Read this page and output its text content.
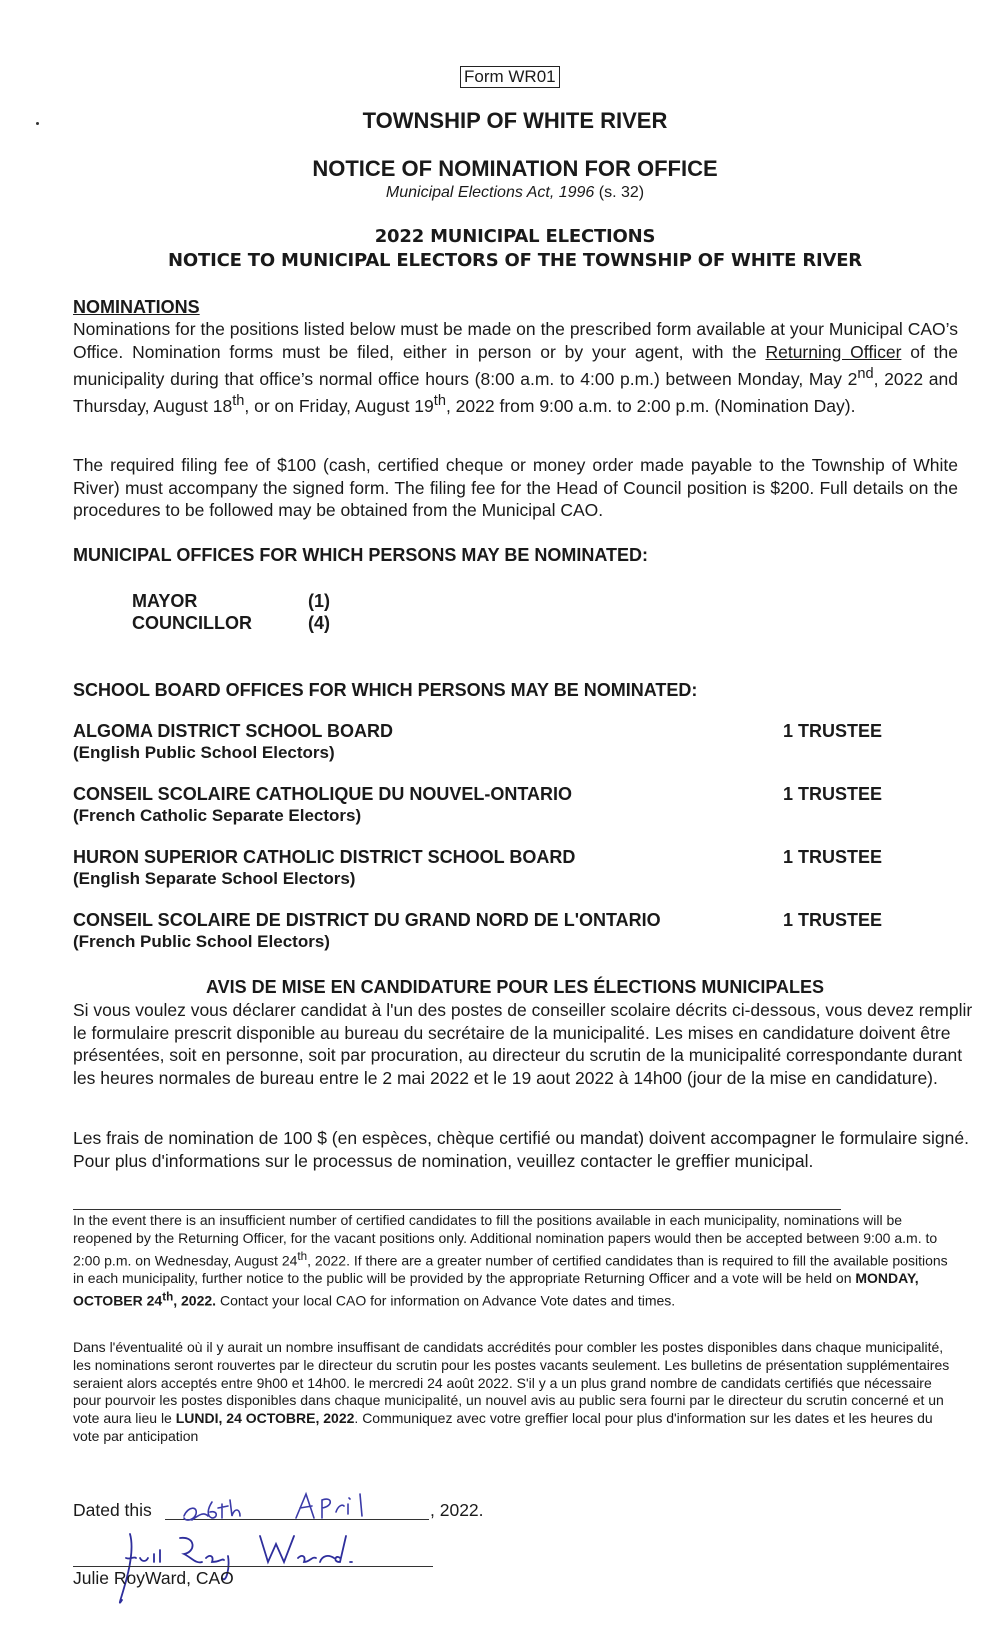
Form WR01
TOWNSHIP OF WHITE RIVER
NOTICE OF NOMINATION FOR OFFICE
Municipal Elections Act, 1996 (s. 32)
2022 MUNICIPAL ELECTIONS
NOTICE TO MUNICIPAL ELECTORS OF THE TOWNSHIP OF WHITE RIVER
NOMINATIONS

Nominations for the positions listed below must be made on the prescribed form available at your Municipal CAO’s Office. Nomination forms must be filed, either in person or by your agent, with the Returning Officer of the municipality during that office’s normal office hours (8:00 a.m. to 4:00 p.m.) between Monday, May 2nd, 2022 and Thursday, August 18th, or on Friday, August 19th, 2022 from 9:00 a.m. to 2:00 p.m. (Nomination Day).

The required filing fee of $100 (cash, certified cheque or money order made payable to the Township of White River) must accompany the signed form. The filing fee for the Head of Council position is $200. Full details on the procedures to be followed may be obtained from the Municipal CAO.

MUNICIPAL OFFICES FOR WHICH PERSONS MAY BE NOMINATED:
MAYOR	(1)
COUNCILLOR	(4)
SCHOOL BOARD OFFICES FOR WHICH PERSONS MAY BE NOMINATED:
ALGOMA DISTRICT SCHOOL BOARD	1 TRUSTEE
(English Public School Electors)
CONSEIL SCOLAIRE CATHOLIQUE DU NOUVEL-ONTARIO	1 TRUSTEE
(French Catholic Separate Electors)
HURON SUPERIOR CATHOLIC DISTRICT SCHOOL BOARD	1 TRUSTEE
(English Separate School Electors)
CONSEIL SCOLAIRE DE DISTRICT DU GRAND NORD DE L'ONTARIO	1 TRUSTEE
(French Public School Electors)
AVIS DE MISE EN CANDIDATURE POUR LES ÉLECTIONS MUNICIPALES

Si vous voulez vous déclarer candidat à l'un des postes de conseiller scolaire décrits ci-dessous, vous devez remplir le formulaire prescrit disponible au bureau du secrétaire de la municipalité. Les mises en candidature doivent être présentées, soit en personne, soit par procuration, au directeur du scrutin de la municipalité correspondante durant les heures normales de bureau entre le 2 mai 2022 et le 19 aout 2022 à 14h00 (jour de la mise en candidature).

Les frais de nomination de 100 $ (en espèces, chèque certifié ou mandat) doivent accompagner le formulaire signé. Pour plus d'informations sur le processus de nomination, veuillez contacter le greffier municipal.

In the event there is an insufficient number of certified candidates to fill the positions available in each municipality, nominations will be reopened by the Returning Officer, for the vacant positions only. Additional nomination papers would then be accepted between 9:00 a.m. to 2:00 p.m. on Wednesday, August 24th, 2022. If there are a greater number of certified candidates than is required to fill the available positions in each municipality, further notice to the public will be provided by the appropriate Returning Officer and a vote will be held on MONDAY, OCTOBER 24th, 2022. Contact your local CAO for information on Advance Vote dates and times.

Dans l'éventualité où il y aurait un nombre insuffisant de candidats accrédités pour combler les postes disponibles dans chaque municipalité, les nominations seront rouvertes par le directeur du scrutin pour les postes vacants seulement. Les bulletins de présentation supplémentaires seraient alors acceptés entre 9h00 et 14h00. le mercredi 24 août 2022. S'il y a un plus grand nombre de candidats certifiés que nécessaire pour pourvoir les postes disponibles dans chaque municipalité, un nouvel avis au public sera fourni par le directeur du scrutin concerné et un vote aura lieu le LUNDI, 24 OCTOBRE, 2022. Communiquez avec votre greffier local pour plus d'information sur les dates et les heures du vote par anticipation

Dated this	, 2022.
Julie RoyWard, CAO
